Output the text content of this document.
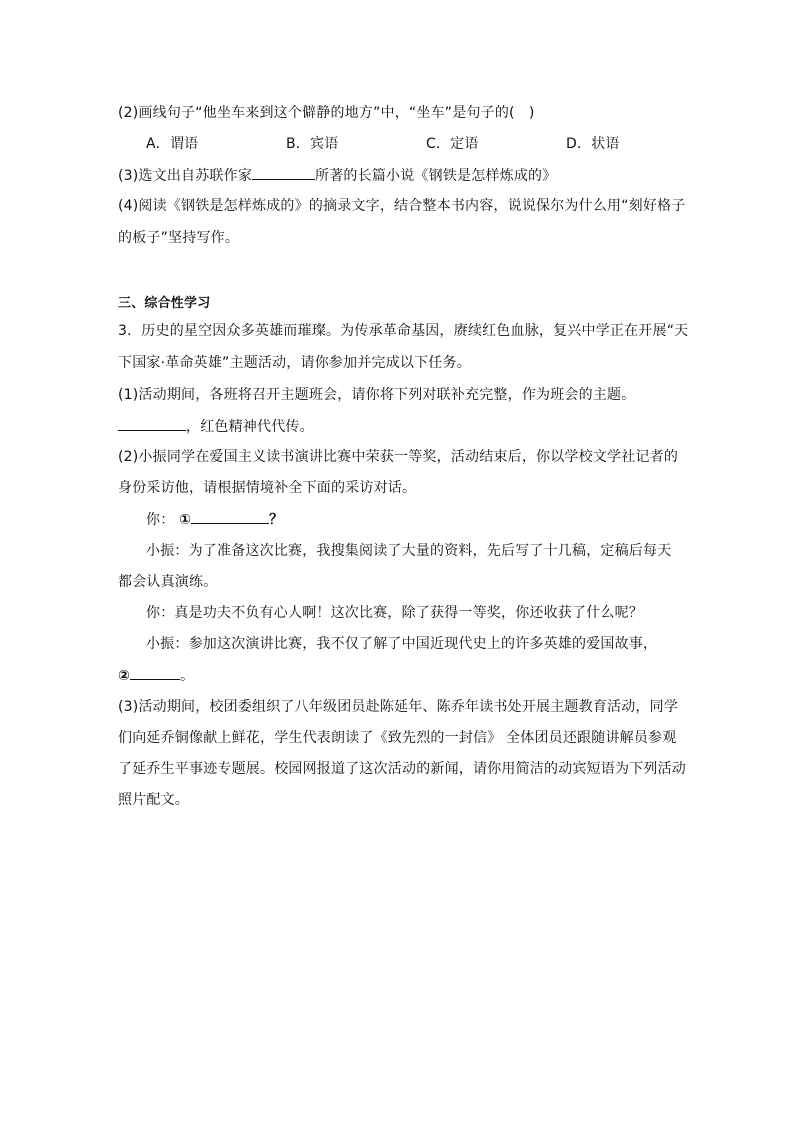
(2)画线句子“他坐车来到这个僻静的地方”中，“坐车”是句子的(　)
A．谓语	B．宾语	C．定语	D．状语
(3)选文出自苏联作家	所著的长篇小说《钢铁是怎样炼成的》
(4)阅读《钢铁是怎样炼成的》的摘录文字，结合整本书内容，说说保尔为什么用“刻好格子
的板子”坚持写作。
三、综合性学习
3．历史的星空因众多英雄而璀璨。为传承革命基因，赓续红色血脉，复兴中学正在开展“天
下国家·革命英雄”主题活动，请你参加并完成以下任务。
(1)活动期间，各班将召开主题班会，请你将下列对联补充完整，作为班会的主题。
，红色精神代代传。
(2)小振同学在爱国主义读书演讲比赛中荣获一等奖，活动结束后，你以学校文学社记者的
身份采访他，请根据情境补全下面的采访对话。
你： ①	？
小振：为了准备这次比赛，我搜集阅读了大量的资料，先后写了十几稿，定稿后每天
都会认真演练。
你：真是功夫不负有心人啊！这次比赛，除了获得一等奖，你还收获了什么呢？
小振：参加这次演讲比赛，我不仅了解了中国近现代史上的许多英雄的爱国故事，
②	。
(3)活动期间，校团委组织了八年级团员赴陈延年、陈乔年读书处开展主题教育活动，同学
们向延乔铜像献上鲜花，学生代表朗读了《致先烈的一封信》 全体团员还跟随讲解员参观
了延乔生平事迹专题展。校园网报道了这次活动的新闻，请你用简洁的动宾短语为下列活动
照片配文。
